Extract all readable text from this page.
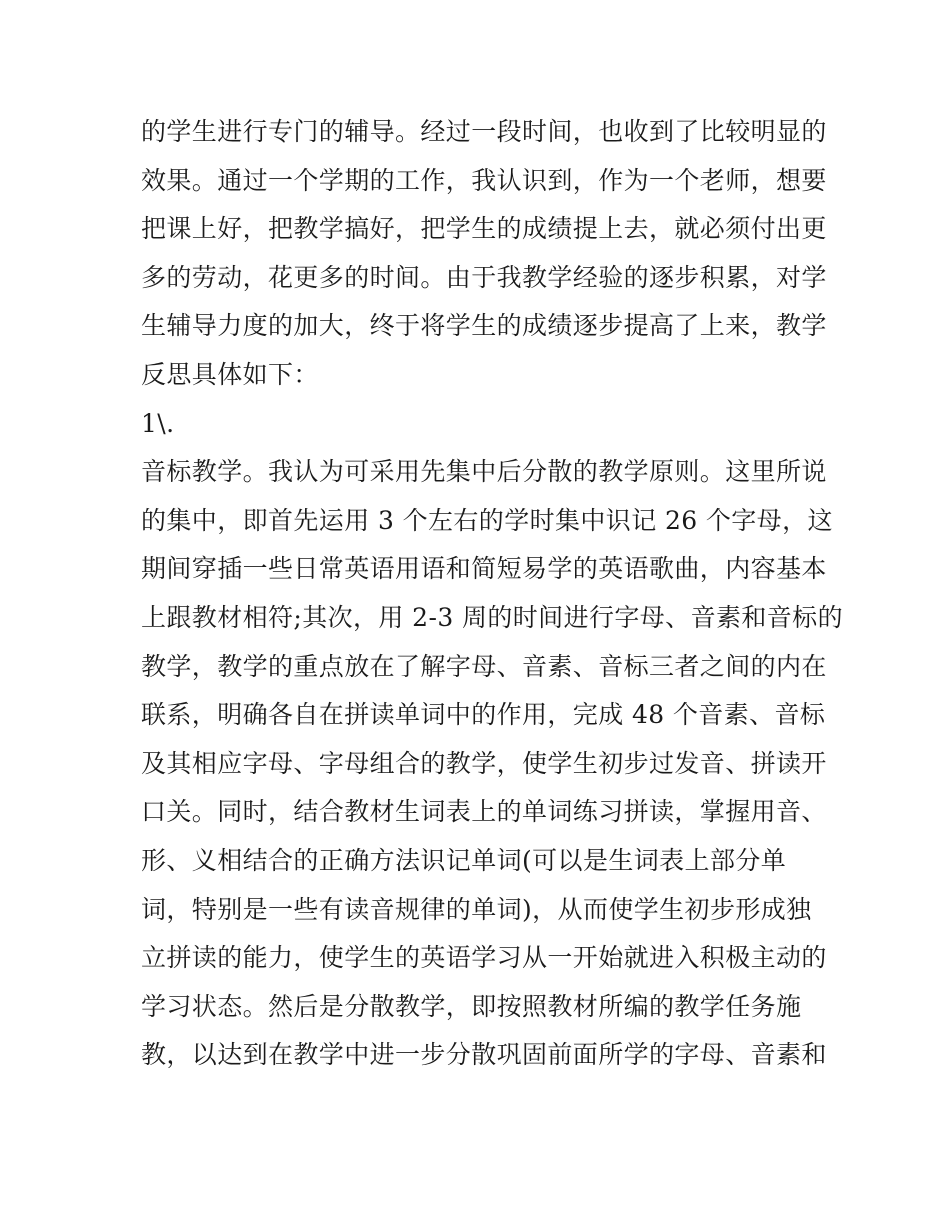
的学生进行专门的辅导。经过一段时间，也收到了比较明显的
效果。通过一个学期的工作，我认识到，作为一个老师，想要
把课上好，把教学搞好，把学生的成绩提上去，就必须付出更
多的劳动，花更多的时间。由于我教学经验的逐步积累，对学
生辅导力度的加大，终于将学生的成绩逐步提高了上来，教学
反思具体如下：
1\.
音标教学。我认为可采用先集中后分散的教学原则。这里所说
的集中，即首先运用 3 个左右的学时集中识记 26 个字母，这
期间穿插一些日常英语用语和简短易学的英语歌曲，内容基本
上跟教材相符;其次，用 2-3 周的时间进行字母、音素和音标的
教学，教学的重点放在了解字母、音素、音标三者之间的内在
联系，明确各自在拼读单词中的作用，完成 48 个音素、音标
及其相应字母、字母组合的教学，使学生初步过发音、拼读开
口关。同时，结合教材生词表上的单词练习拼读，掌握用音、
形、义相结合的正确方法识记单词(可以是生词表上部分单
词，特别是一些有读音规律的单词)，从而使学生初步形成独
立拼读的能力，使学生的英语学习从一开始就进入积极主动的
学习状态。然后是分散教学，即按照教材所编的教学任务施
教，以达到在教学中进一步分散巩固前面所学的字母、音素和
